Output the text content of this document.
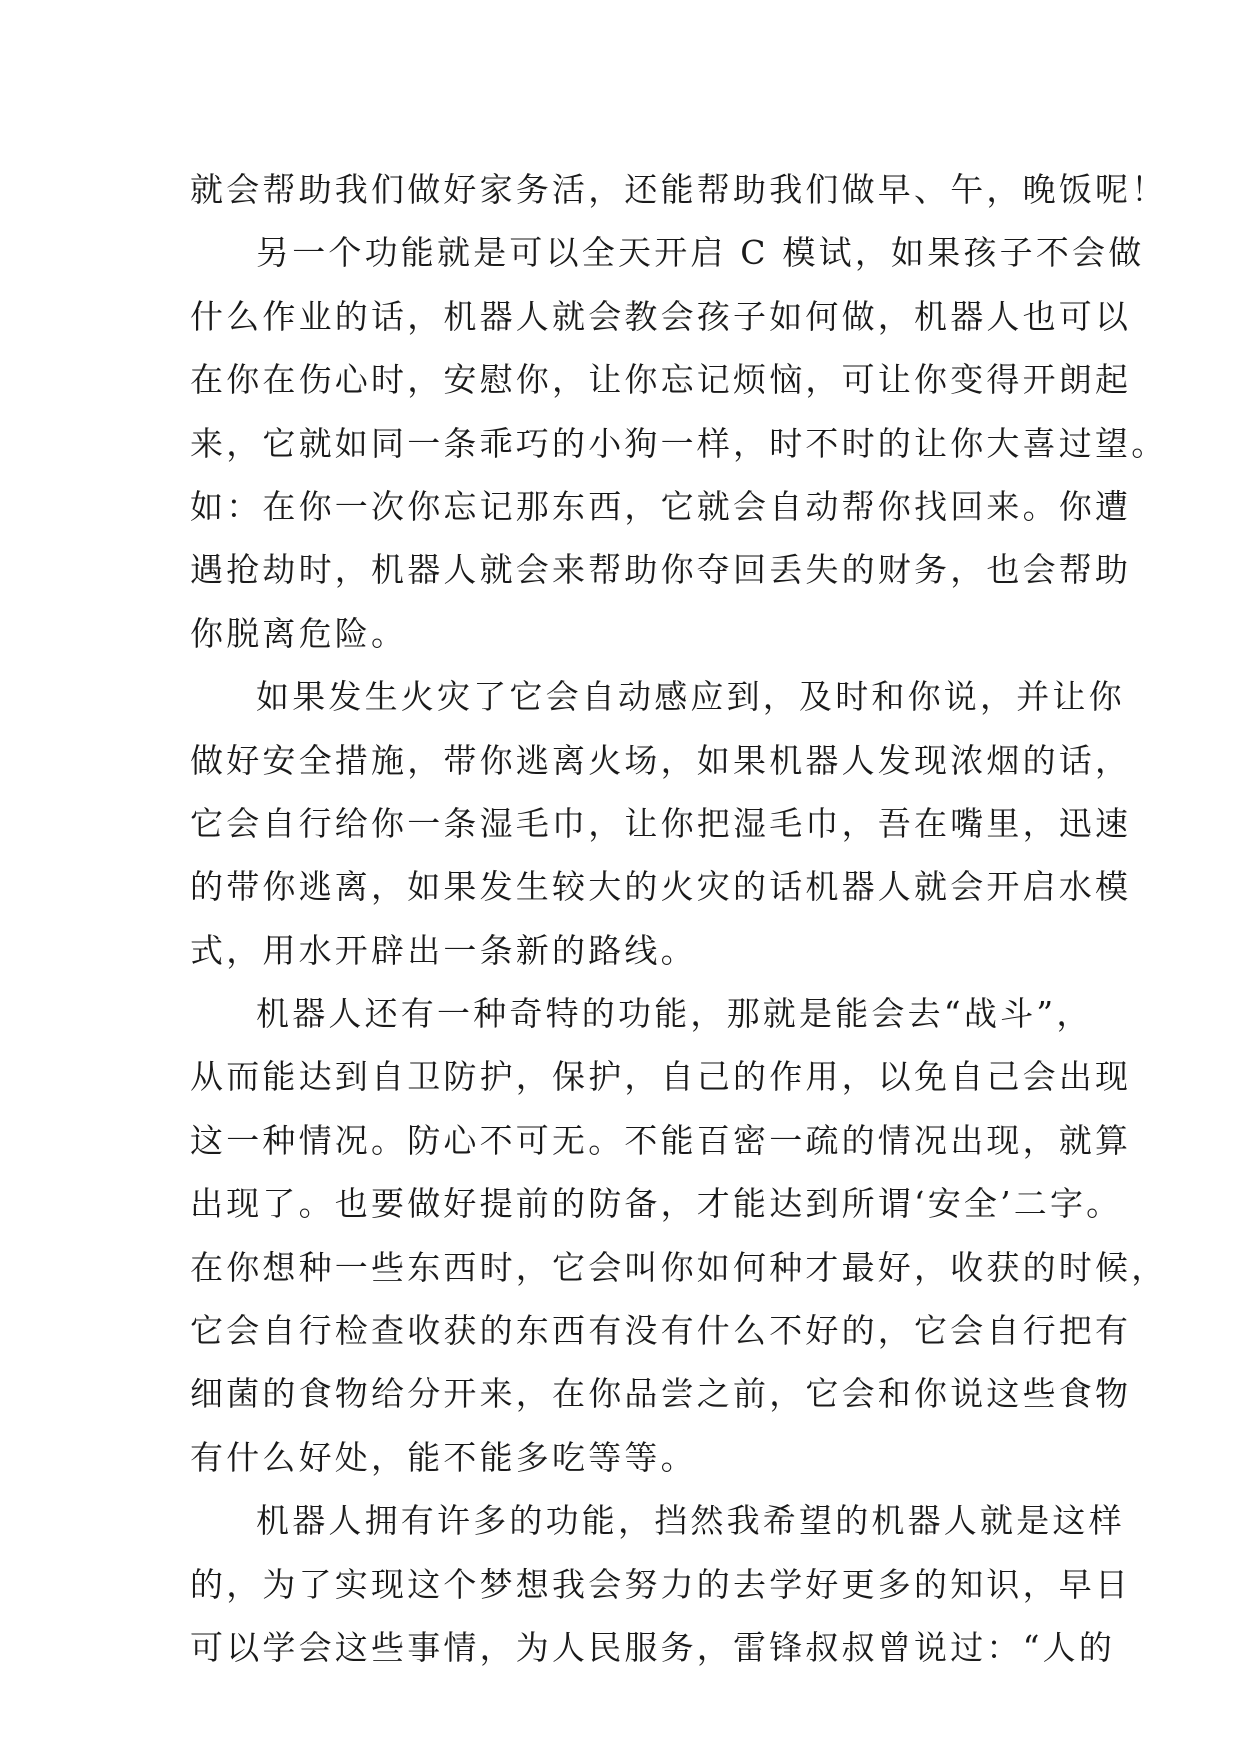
就会帮助我们做好家务活，还能帮助我们做早、午，晚饭呢！
另一个功能就是可以全天开启 C 模试，如果孩子不会做
什么作业的话，机器人就会教会孩子如何做，机器人也可以
在你在伤心时，安慰你，让你忘记烦恼，可让你变得开朗起
来，它就如同一条乖巧的小狗一样，时不时的让你大喜过望。
如：在你一次你忘记那东西，它就会自动帮你找回来。你遭
遇抢劫时，机器人就会来帮助你夺回丢失的财务，也会帮助
你脱离危险。
如果发生火灾了它会自动感应到，及时和你说，并让你
做好安全措施，带你逃离火场，如果机器人发现浓烟的话，
它会自行给你一条湿毛巾，让你把湿毛巾，吾在嘴里，迅速
的带你逃离，如果发生较大的火灾的话机器人就会开启水模
式，用水开辟出一条新的路线。
机器人还有一种奇特的功能，那就是能会去“战斗”，
从而能达到自卫防护，保护，自己的作用，以免自己会出现
这一种情况。防心不可无。不能百密一疏的情况出现，就算
出现了。也要做好提前的防备，才能达到所谓‘安全’二字。
在你想种一些东西时，它会叫你如何种才最好，收获的时候，
它会自行检查收获的东西有没有什么不好的，它会自行把有
细菌的食物给分开来，在你品尝之前，它会和你说这些食物
有什么好处，能不能多吃等等。
机器人拥有许多的功能，挡然我希望的机器人就是这样
的，为了实现这个梦想我会努力的去学好更多的知识，早日
可以学会这些事情，为人民服务，雷锋叔叔曾说过：“人的
